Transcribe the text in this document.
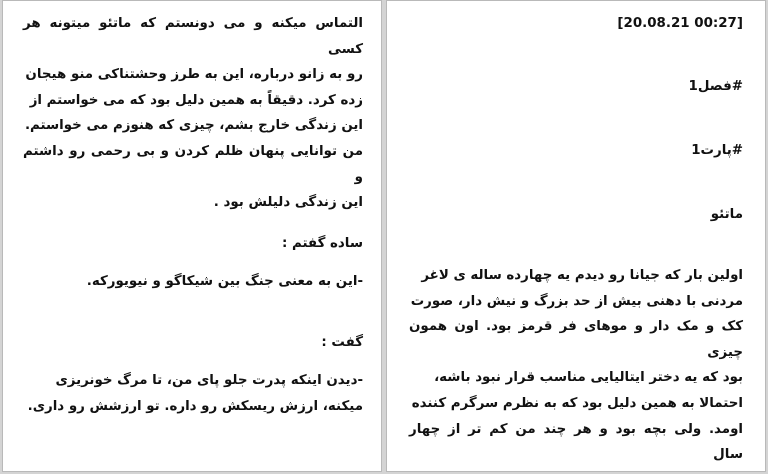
التماس میکنه و می دونستم که ماتئو میتونه هر کسی
رو به زانو درباره، این به طرز وحشتناکی منو هیجان
زده کرد. دقیقاً به همین دلیل بود که می خواستم از
این زندگی خارج بشم، چیزی که هنوزم می خواستم.
من توانایی پنهان ظلم کردن و بی رحمی رو داشتم و
این زندگی دلیلش بود .
ساده گفتم :
-این به معنی جنگ بین شیکاگو و نیویورکه.
گفت :
-دیدن اینکه پدرت جلو پای من، تا مرگ خونریزی
میکنه، ارزش ریسکش رو داره. تو ارزشش رو داری.
[20.08.21 00:27]
#فصل1
#پارت1
ماتئو
اولین بار که جیانا رو دیدم یه چهارده ساله ی لاغر
مردنی با دهنی بیش از حد بزرگ و نیش دار، صورت
کک و مک دار و موهای فر قرمز بود. اون همون چیزی
بود که یه دختر ایتالیایی مناسب قرار نبود باشه،
احتمالا به همین دلیل بود که به نظرم سرگرم کننده
اومد. ولی بچه بود و هر چند من کم تر از چهار سال
